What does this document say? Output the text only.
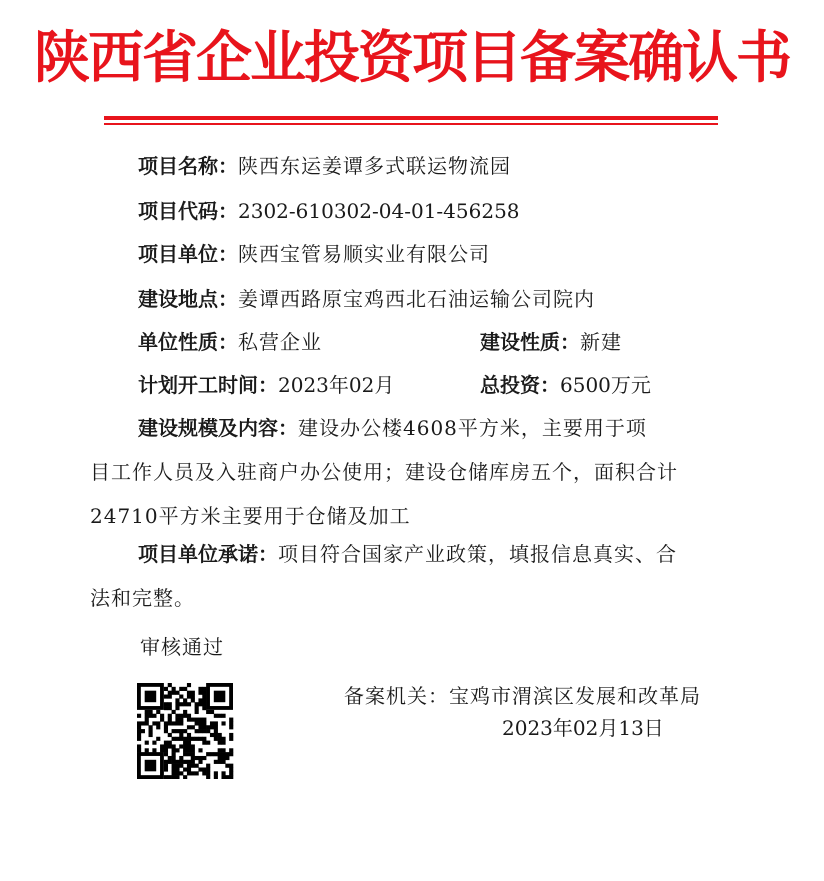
陕西省企业投资项目备案确认书
项目名称：陕西东运姜谭多式联运物流园
项目代码：2302-610302-04-01-456258
项目单位：陕西宝管易顺实业有限公司
建设地点：姜谭西路原宝鸡西北石油运输公司院内
单位性质：私营企业	建设性质：新建
计划开工时间：2023年02月	总投资：6500万元
建设规模及内容：建设办公楼4608平方米，主要用于项
目工作人员及入驻商户办公使用；建设仓储库房五个，面积合计
24710平方米主要用于仓储及加工
项目单位承诺：项目符合国家产业政策，填报信息真实、合
法和完整。
审核通过
备案机关：宝鸡市渭滨区发展和改革局
2023年02月13日
